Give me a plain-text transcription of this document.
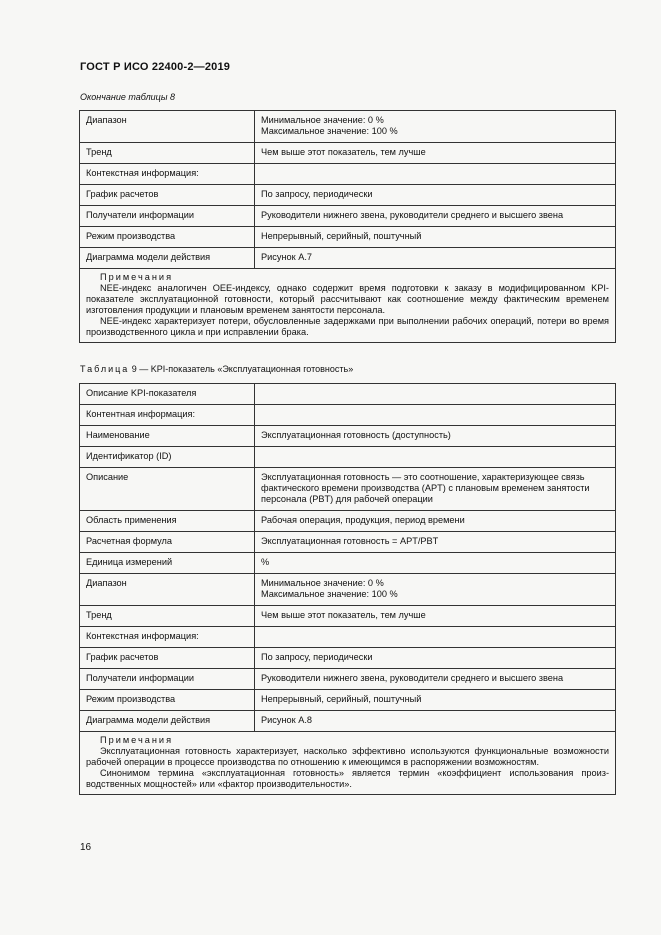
ГОСТ Р ИСО 22400-2—2019
Окончание таблицы 8
Диапазон	Минимальное значение: 0 %
Максимальное значение: 100 %
Тренд	Чем выше этот показатель, тем лучше
Контекстная информация:	
График расчетов	По запросу, периодически
Получатели информации	Руководители нижнего звена, руководители среднего и высшего звена
Режим производства	Непрерывный, серийный, поштучный
Диаграмма модели действия	Рисунок А.7

Примечания

NEE-индекс аналогичен OEE-индексу, однако содержит время подготовки к заказу в модифицированном KPI-показателе эксплуатационной готовности, который рассчитывают как соотношение между фактическим временем изготовления продукции и плановым временем занятости персонала.

NEE-индекс характеризует потери, обусловленные задержками при выполнении рабочих операций, потери во время производственного цикла и при исправлении брака.	

Таблица 9 — KPI-показатель «Эксплуатационная готовность»
Описание KPI-показателя	
Контентная информация:	
Наименование	Эксплуатационная готовность (доступность)
Идентификатор (ID)	
Описание	Эксплуатационная готовность — это соотношение, характеризующее связь фактического времени производства (APT) с плановым временем занятости персонала (PBT) для рабочей операции
Область применения	Рабочая операция, продукция, период времени
Расчетная формула	Эксплуатационная готовность = APT/PBT
Единица измерений	%
Диапазон	Минимальное значение: 0 %
Максимальное значение: 100 %
Тренд	Чем выше этот показатель, тем лучше
Контекстная информация:	
График расчетов	По запросу, периодически
Получатели информации	Руководители нижнего звена, руководители среднего и высшего звена
Режим производства	Непрерывный, серийный, поштучный
Диаграмма модели действия	Рисунок А.8

Примечания

Эксплуатационная готовность характеризует, насколько эффективно используются функциональные возможности рабочей операции в процессе производства по отношению к имеющимся в распоряжении возможностям.

Синонимом термина «эксплуатационная готовность» является термин «коэффициент использования производственных мощностей» или «фактор производительности».	

16
